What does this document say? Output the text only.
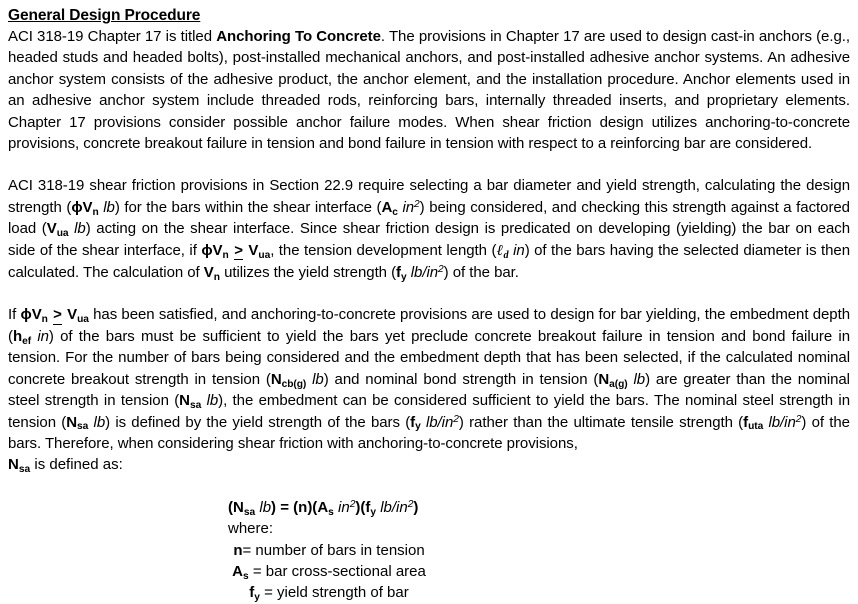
General Design Procedure

ACI 318-19 Chapter 17 is titled Anchoring To Concrete. The provisions in Chapter 17 are used to design cast-in anchors (e.g., headed studs and headed bolts), post-installed mechanical anchors, and post-installed adhesive anchor systems. An adhesive anchor system consists of the adhesive product, the anchor element, and the installation procedure. Anchor elements used in an adhesive anchor system include threaded rods, reinforcing bars, internally threaded inserts, and proprietary elements. Chapter 17 provisions consider possible anchor failure modes. When shear friction design utilizes anchoring-to-concrete provisions, concrete breakout failure in tension and bond failure in tension with respect to a reinforcing bar are considered.

ACI 318-19 shear friction provisions in Section 22.9 require selecting a bar diameter and yield strength, calculating the design strength ($\phi V_n$ lb) for the bars within the shear interface ($A_c$ $in^2$) being considered, and checking this strength against a factored load ($V_{ua}$ lb) acting on the shear interface. Since shear friction design is predicated on developing (yielding) the bar on each side of the shear interface, if $\phi V_n > V_{ua}$, the tension development length (ℓ$_d$ in) of the bars having the selected diameter is then calculated. The calculation of $V_n$ utilizes the yield strength ($f_y$ $lb/in^2$) of the bar.

If $\phi V_n > V_{ua}$ has been satisfied, and anchoring-to-concrete provisions are used to design for bar yielding, the embedment depth ($h_{ef}$ in) of the bars must be sufficient to yield the bars yet preclude concrete breakout failure in tension and bond failure in tension. For the number of bars being considered and the embedment depth that has been selected, if the calculated nominal concrete breakout strength in tension ($N_{cb(g)}$ lb) and nominal bond strength in tension ($N_{a(g)}$ lb) are greater than the nominal steel strength in tension ($N_{sa}$ lb), the embedment can be considered sufficient to yield the bars. The nominal steel strength in tension ($N_{sa}$ lb) is defined by the yield strength of the bars ($f_y$ $lb/in^2$) rather than the ultimate tensile strength ($f_{uta}$ $lb/in^2$) of the bars. Therefore, when considering shear friction with anchoring-to-concrete provisions,

$N_{sa}$ is defined as:
($N_{sa}$ $lb) = (n)(A_s$ $in^2)(f_y$ $lb/in^2$)
where:
n= number of bars in tension
$A_s$ = bar cross-sectional area
$f_y$ = yield strength of bar
